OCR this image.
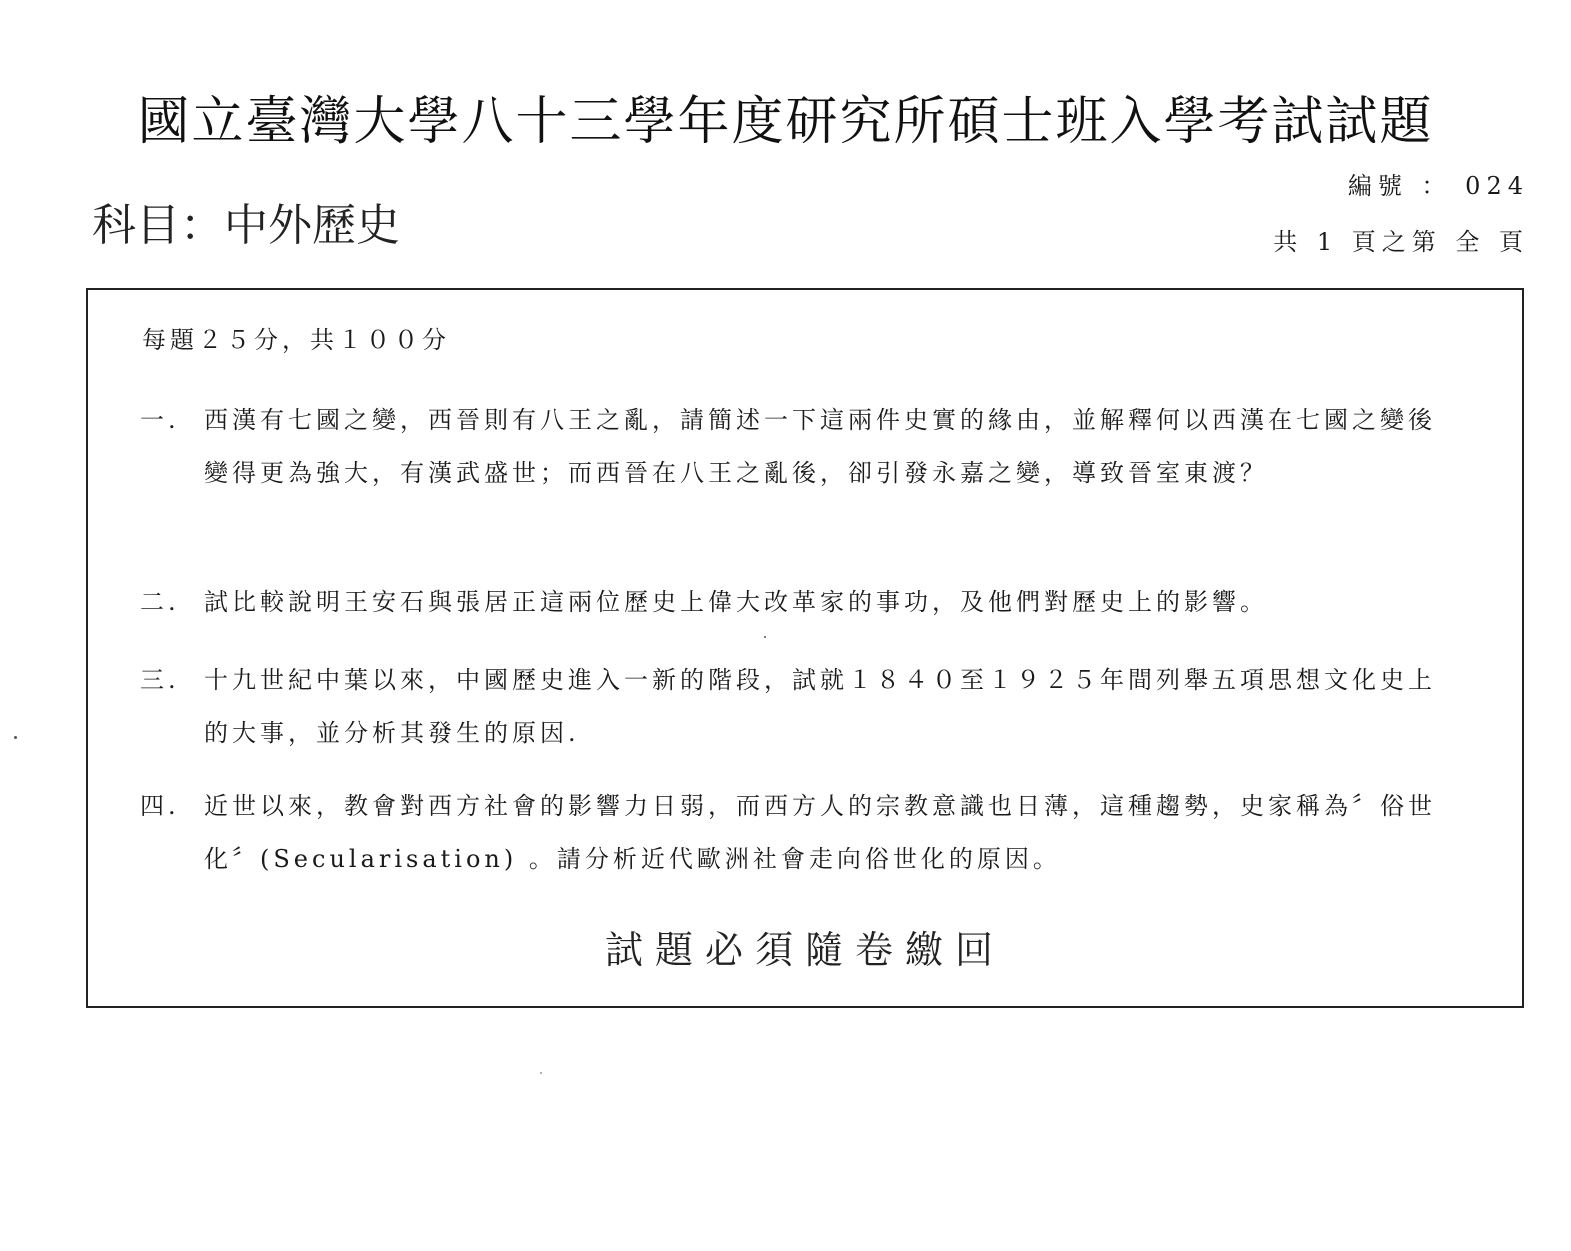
國立臺灣大學八十三學年度研究所碩士班入學考試試題
科目：中外歷史
編號 ： 024
共 1 頁之第 全 頁
每題２５分，共１００分
一.	西漢有七國之變，西晉則有八王之亂，請簡述一下這兩件史實的緣由，並解釋何以西漢在七國之變後變得更為強大，有漢武盛世；而西晉在八王之亂後，卻引發永嘉之變，導致晉室東渡？
二.	試比較說明王安石與張居正這兩位歷史上偉大改革家的事功，及他們對歷史上的影響。
三.	十九世紀中葉以來，中國歷史進入一新的階段，試就１８４０至１９２５年間列舉五項思想文化史上的大事，並分析其發生的原因.
四.	近世以來，教會對西方社會的影響力日弱，而西方人的宗教意識也日薄，這種趨勢，史家稱為〞俗世化〞(Secularisation) 。請分析近代歐洲社會走向俗世化的原因。
試題必須隨卷繳回
